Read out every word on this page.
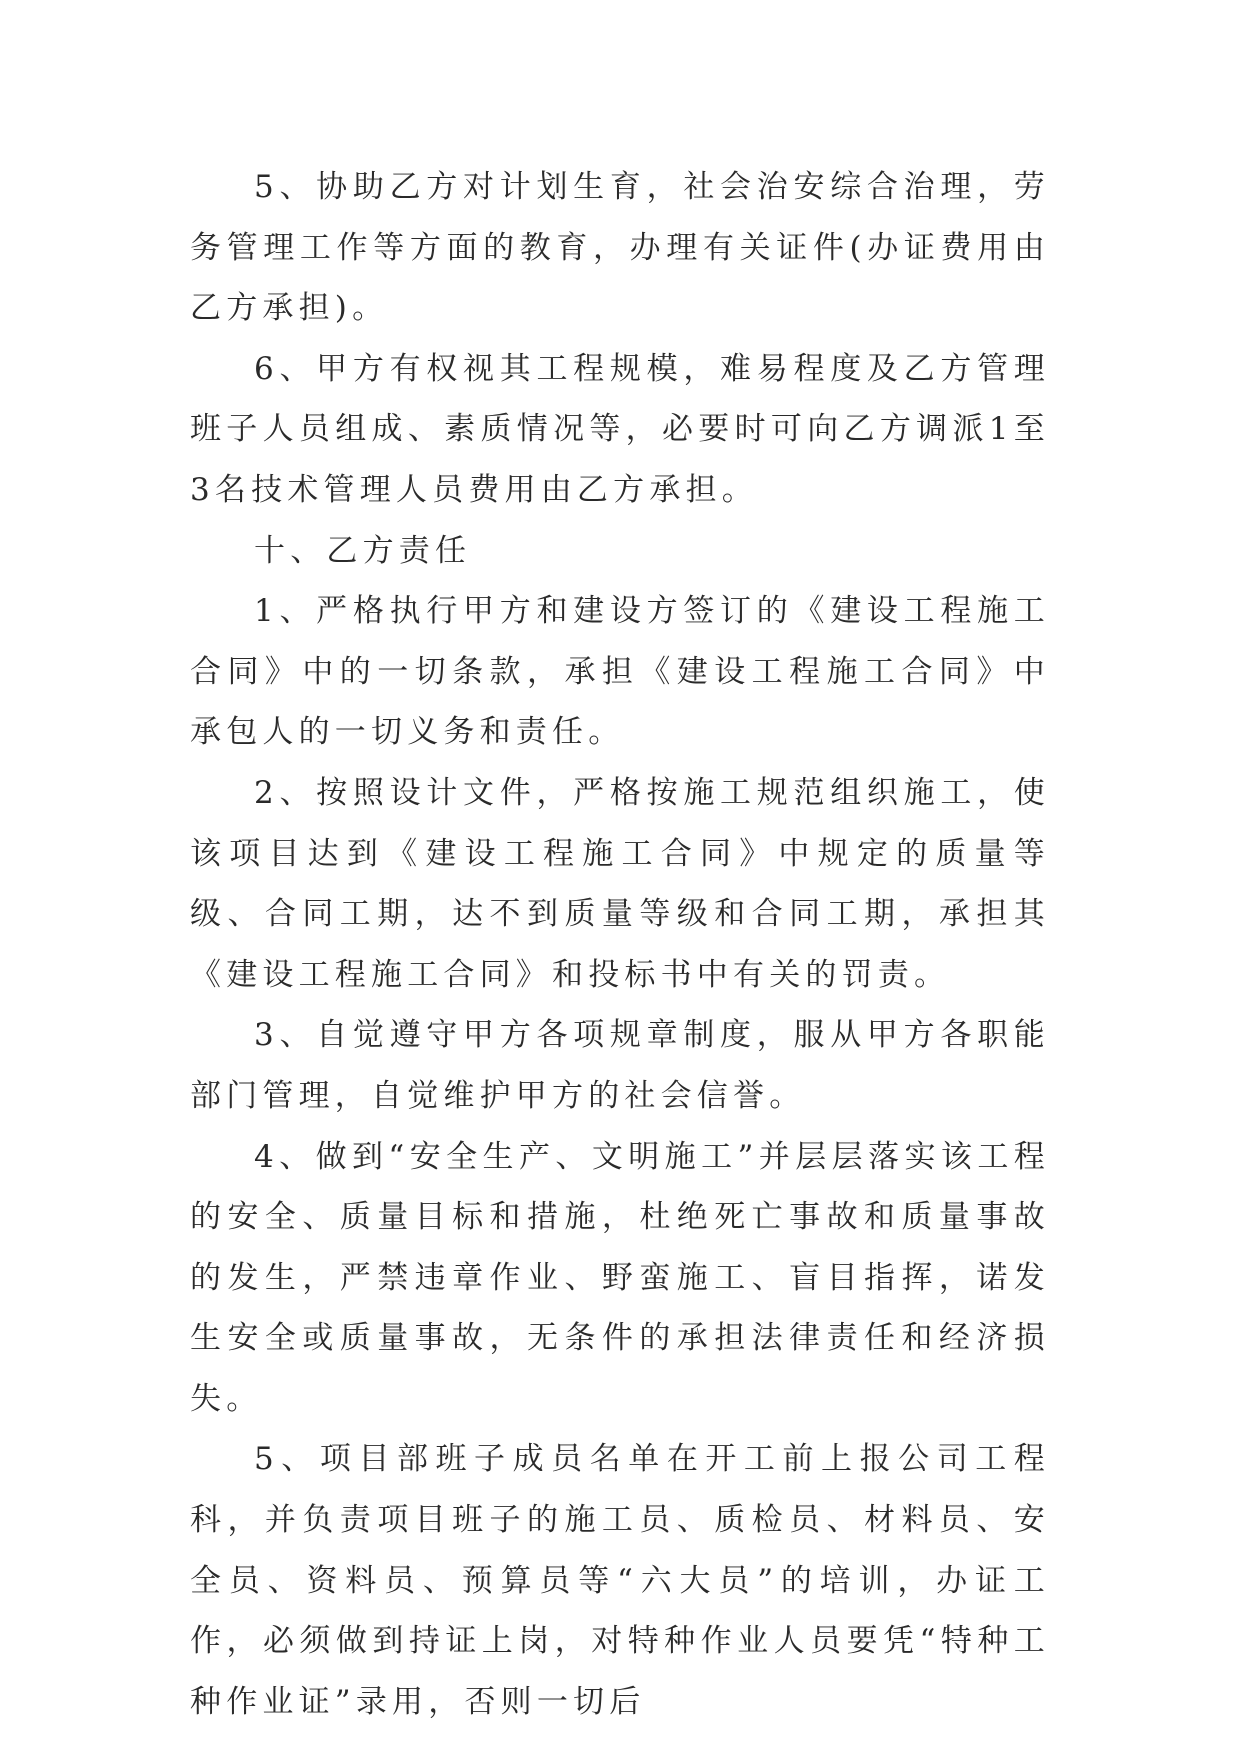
5、协助乙方对计划生育，社会治安综合治理，劳务管理工作等方面的教育，办理有关证件(办证费用由乙方承担)。

6、甲方有权视其工程规模，难易程度及乙方管理班子人员组成、素质情况等，必要时可向乙方调派1至3名技术管理人员费用由乙方承担。

十、乙方责任

1、严格执行甲方和建设方签订的《建设工程施工合同》中的一切条款，承担《建设工程施工合同》中承包人的一切义务和责任。

2、按照设计文件，严格按施工规范组织施工，使该项目达到《建设工程施工合同》中规定的质量等级、合同工期，达不到质量等级和合同工期，承担其《建设工程施工合同》和投标书中有关的罚责。

3、自觉遵守甲方各项规章制度，服从甲方各职能部门管理，自觉维护甲方的社会信誉。

4、做到“安全生产、文明施工”并层层落实该工程的安全、质量目标和措施，杜绝死亡事故和质量事故的发生，严禁违章作业、野蛮施工、盲目指挥，诺发生安全或质量事故，无条件的承担法律责任和经济损失。

5、项目部班子成员名单在开工前上报公司工程科，并负责项目班子的施工员、质检员、材料员、安全员、资料员、预算员等“六大员”的培训，办证工作，必须做到持证上岗，对特种作业人员要凭“特种工种作业证”录用，否则一切后
